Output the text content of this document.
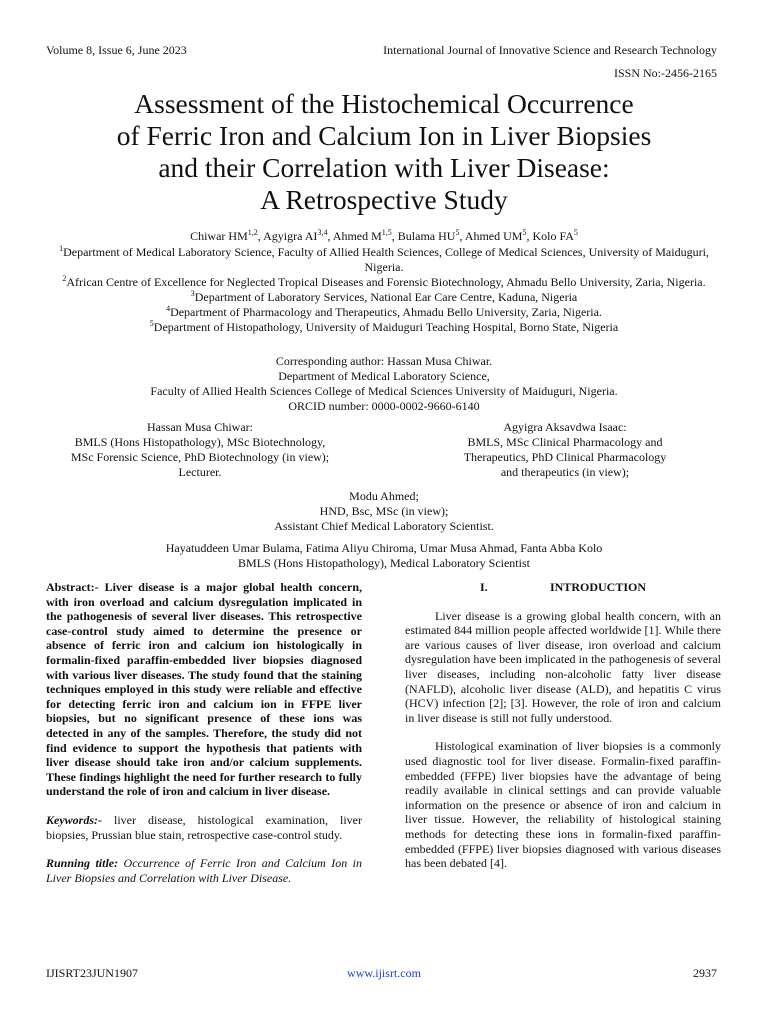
Volume 8, Issue 6, June 2023	International Journal of Innovative Science and Research Technology
ISSN No:-2456-2165
Assessment of the Histochemical Occurrence
of Ferric Iron and Calcium Ion in Liver Biopsies
and their Correlation with Liver Disease:
A Retrospective Study
Chiwar HM$^{1,2}$, Agyigra AI$^{3,4}$, Ahmed M$^{1,5}$, Bulama $HU^5$, Ahmed $UM^5$, Kolo $FA^5$
$^1$Department of Medical Laboratory Science, Faculty of Allied Health Sciences, College of Medical Sciences, University of Maiduguri, Nigeria.
$^2$African Centre of Excellence for Neglected Tropical Diseases and Forensic Biotechnology, Ahmadu Bello University, Zaria, Nigeria.
$^3$Department of Laboratory Services, National Ear Care Centre, Kaduna, Nigeria
$^4$Department of Pharmacology and Therapeutics, Ahmadu Bello University, Zaria, Nigeria.
$^5$Department of Histopathology, University of Maiduguri Teaching Hospital, Borno State, Nigeria
Corresponding author: Hassan Musa Chiwar.
Department of Medical Laboratory Science,
Faculty of Allied Health Sciences College of Medical Sciences University of Maiduguri, Nigeria.
ORCID number: 0000-0002-9660-6140
Hassan Musa Chiwar:
BMLS (Hons Histopathology), MSc Biotechnology,
MSc Forensic Science, PhD Biotechnology (in view);
Lecturer.
Agyigra Aksavdwa Isaac:
BMLS, MSc Clinical Pharmacology and
Therapeutics, PhD Clinical Pharmacology
and therapeutics (in view);
Modu Ahmed;
HND, Bsc, MSc (in view);
Assistant Chief Medical Laboratory Scientist.
Hayatuddeen Umar Bulama, Fatima Aliyu Chiroma, Umar Musa Ahmad, Fanta Abba Kolo
BMLS (Hons Histopathology), Medical Laboratory Scientist

Abstract:- Liver disease is a major global health concern, with iron overload and calcium dysregulation implicated in the pathogenesis of several liver diseases. This retrospective case-control study aimed to determine the presence or absence of ferric iron and calcium ion histologically in formalin-fixed paraffin-embedded liver biopsies diagnosed with various liver diseases. The study found that the staining techniques employed in this study were reliable and effective for detecting ferric iron and calcium ion in FFPE liver biopsies, but no significant presence of these ions was detected in any of the samples. Therefore, the study did not find evidence to support the hypothesis that patients with liver disease should take iron and/or calcium supplements. These findings highlight the need for further research to fully understand the role of iron and calcium in liver disease.

Keywords:- liver disease, histological examination, liver biopsies, Prussian blue stain, retrospective case-control study.

Running title: Occurrence of Ferric Iron and Calcium Ion in Liver Biopsies and Correlation with Liver Disease.

I.	INTRODUCTION

Liver disease is a growing global health concern, with an estimated 844 million people affected worldwide [1]. While there are various causes of liver disease, iron overload and calcium dysregulation have been implicated in the pathogenesis of several liver diseases, including non-alcoholic fatty liver disease (NAFLD), alcoholic liver disease (ALD), and hepatitis C virus (HCV) infection [2]; [3]. However, the role of iron and calcium in liver disease is still not fully understood.

Histological examination of liver biopsies is a commonly used diagnostic tool for liver disease. Formalin-fixed paraffin-embedded (FFPE) liver biopsies have the advantage of being readily available in clinical settings and can provide valuable information on the presence or absence of iron and calcium in liver tissue. However, the reliability of histological staining methods for detecting these ions in formalin-fixed paraffin-embedded (FFPE) liver biopsies diagnosed with various diseases has been debated [4].

IJISRT23JUN1907	www.ijisrt.com	2937
